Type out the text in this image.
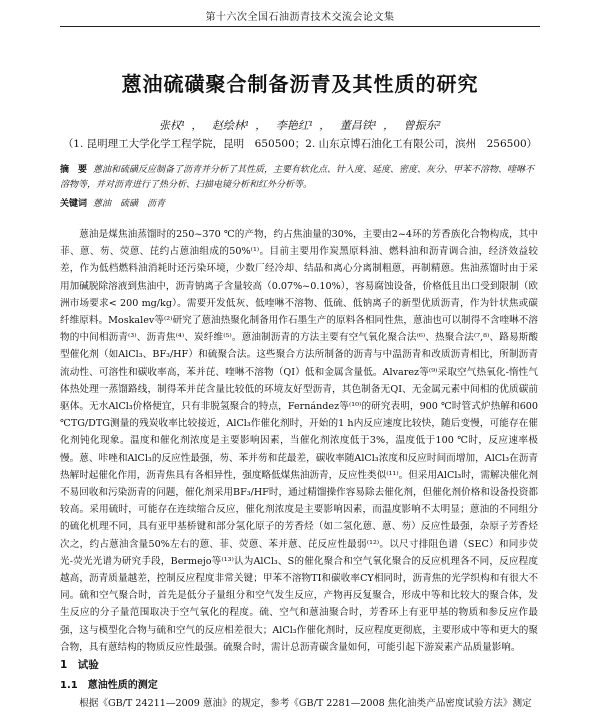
第十六次全国石油沥青技术交流会论文集
蒽油硫磺聚合制备沥青及其性质的研究
张权¹ ， 赵绘林¹ ， 李艳红¹ ， 董昌铁¹ ， 曾振东²
（1. 昆明理工大学化学工程学院，昆明　650500；2. 山东京博石油化工有限公司，滨州　256500）
摘　要 蒽油和硫磺反应制备了沥青并分析了其性质，主要有软化点、针入度、延度、密度、灰分、甲苯不溶物、喹啉不溶物等，并对沥青进行了热分析、扫描电镜分析和红外分析等。
关键词 蒽油　硫磺　沥青
蒽油是煤焦油蒸馏时的250~370 ℃的产物，约占焦油量的30%，主要由2~4环的芳香族化合物构成，其中菲、蒽、芴、荧蒽、芘约占蒽油组成的50%⁽¹⁾。目前主要用作炭黑原料油、燃料油和沥青调合油，经济效益较差，作为低档燃料油消耗时还污染环境，少数厂经冷却、结晶和离心分离制粗蒽，再制精蒽。焦油蒸馏时由于采用加碱脱除溶液到焦油中，沥青钠离子含量较高（0.07%~0.10%），容易腐蚀设备，价格低且出口受到限制（欧洲市场要求< 200 mg/kg）。需要开发低灰、低喹啉不溶物、低硫、低钠离子的新型优质沥青，作为针状焦或碳纤维原料。Moskalev等⁽²⁾研究了蒽油热聚化制备用作石墨生产的原料各相同性焦，蒽油也可以制得不含喹啉不溶物的中间相沥青⁽³⁾、沥青焦⁽⁴⁾、炭纤维⁽⁵⁾。蒽油制沥青的方法主要有空气氧化聚合法⁽⁶⁾、热聚合法⁽⁷,⁸⁾、路易斯酸型催化剂（如AlCl₃、BF₃/HF）和硫聚合法。这些聚合方法所制备的沥青与中温沥青和改质沥青相比，所制沥青流动性、可溶性和碳收率高，苯并芘、喹啉不溶物（QI）低和金属含量低。Alvarez等⁽⁹⁾采取空气热氧化-惰性气体热处理一蒸馏路线，制得苯并芘含量比较低的环境友好型沥青，其色制备无QI、无金属元素中间相的优质碳前驱体。无水AlCl₃价格便宜，只有非脱氢聚合的特点，Fernández等⁽¹⁰⁾的研究表明，900 ℃时管式炉热解和600 ℃TG/DTG测量的残炭收率比较接近，AlCl₃作催化剂时，开始的1 h内反应速度比较快，随后变慢，可能存在催化剂钝化现象。温度和催化剂浓度是主要影响因素，当催化剂浓度低于3%，温度低于100 ℃时，反应速率极慢。蒽、咔唑和AlCl₃的反应性最强，芴、苯并芴和芘最差，碳收率随AlCl₃浓度和反应时间而增加，AlCl₃在沥青热解时起催化作用，沥青焦具有各相异性，强度略低煤焦油沥青，反应性类似⁽¹¹⁾。但采用AlCl₃时，需解决催化剂不易回收和污染沥青的问题，催化剂采用BF₃/HF时，通过精馏操作容易除去催化剂，但催化剂价格和设备投资都较高。采用硫时，可能存在连续缩合反应，催化剂浓度是主要影响因素，而温度影响不太明显；蒽油的不同组分的硫化机理不同，具有亚甲基桥键和部分氢化原子的芳香烃（如二氢化蒽、蒽、芴）反应性最强，杂原子芳香烃次之，约占蒽油含量50%左右的蒽、菲、荧蒽、苯并蒽、芘反应性最弱⁽¹²⁾。以尺寸排阻色谱（SEC）和同步荧光-荧光光谱为研究手段，Bermejo等⁽¹³⁾认为AlCl₃、S的催化聚合和空气氧化聚合的反应机理各不同，反应程度越高，沥青质量越差，控制反应程度非常关键；甲苯不溶物TI和碳收率CY相同时，沥青焦的光学织构和有很大不同。硫和空气聚合时，首先是低分子量组分和空气发生反应，产物再反复聚合，形成中等和比较大的聚合体，发生反应的分子量范围取决于空气氧化的程度。硫、空气和蒽油聚合时，芳香环上有亚甲基的物质和参反应作最强，这与模型化合物与硫和空气的反应相差很大；AlCl₃作催化剂时，反应程度更彻底，主要形成中等和更大的聚合物，具有蒽结构的物质反应性最强。硫聚合时，需计总沥青碳含量如何，可能引起下游炭素产品质量影响。
1　试验
1.1　蒽油性质的测定
根据《GB/T 24211—2009 蒽油》的规定，参考《GB/T 2281—2008 焦化油类产品密度试验方法》测定
